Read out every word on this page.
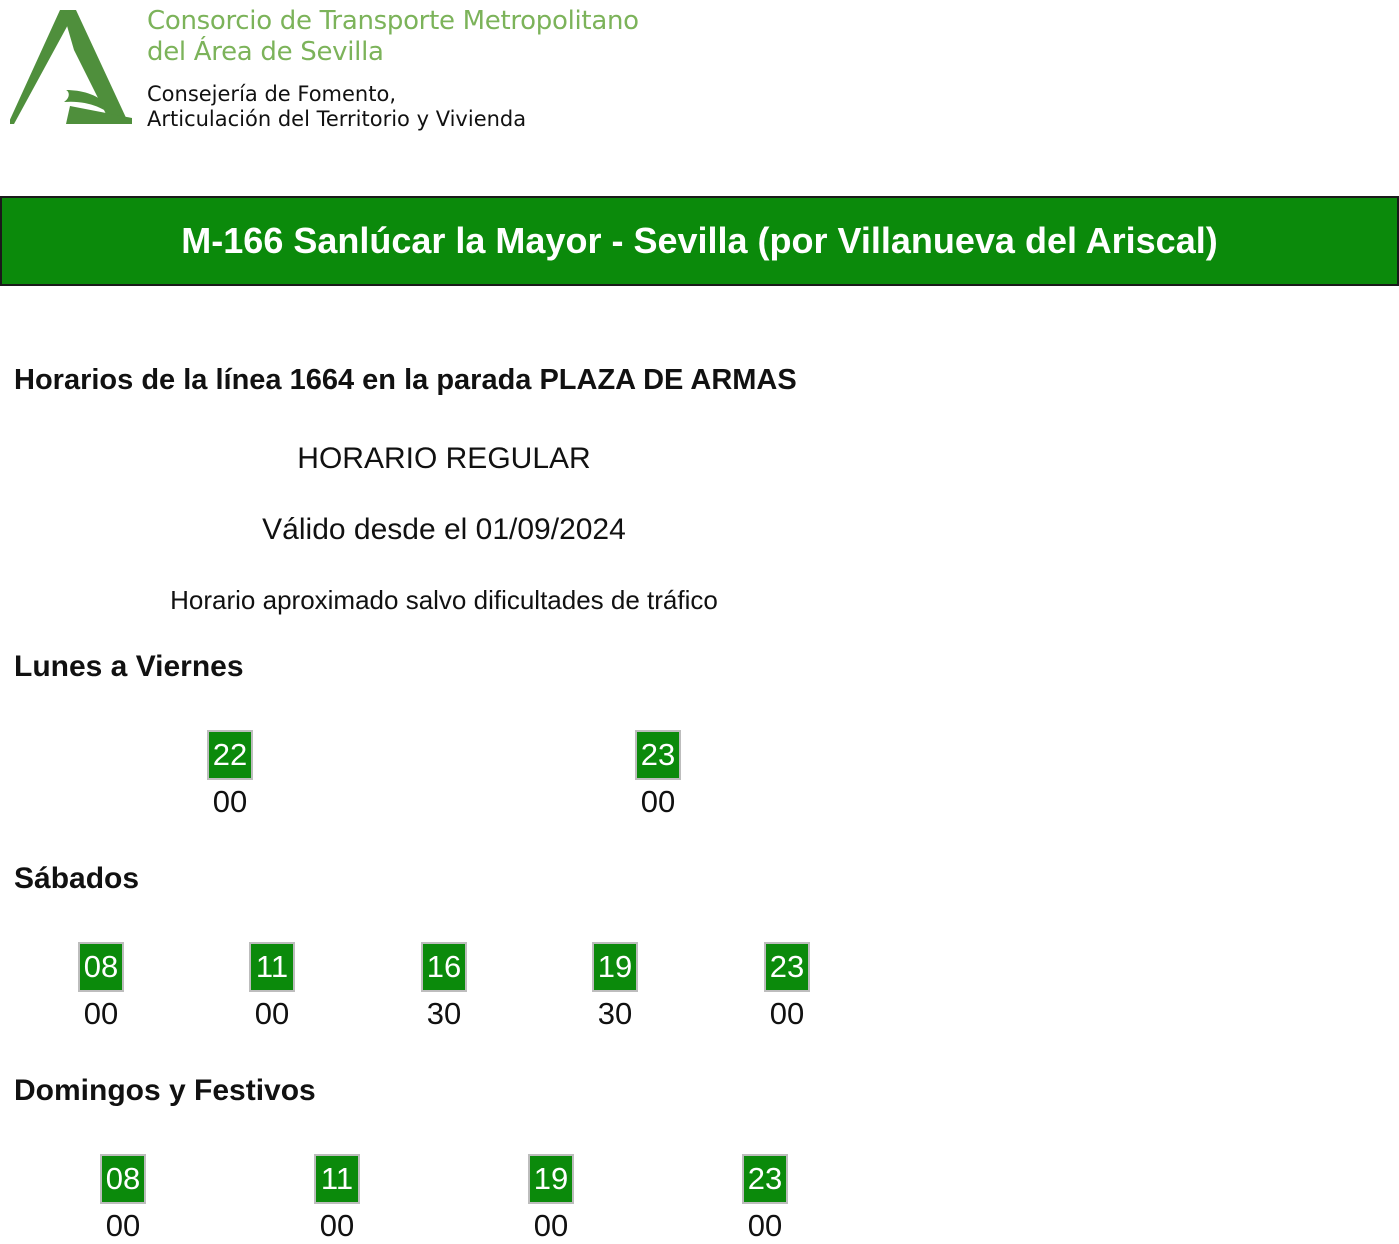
Consorcio de Transporte Metropolitano
del Área de Sevilla
Consejería de Fomento,
Articulación del Territorio y Vivienda
M-166 Sanlúcar la Mayor - Sevilla (por Villanueva del Ariscal)
Horarios de la línea 1664 en la parada PLAZA DE ARMAS
HORARIO REGULAR
Válido desde el 01/09/2024
Horario aproximado salvo dificultades de tráfico
Lunes a Viernes
22
00
23
00
Sábados
08
00
11
00
16
30
19
30
23
00
Domingos y Festivos
08
00
11
00
19
00
23
00
